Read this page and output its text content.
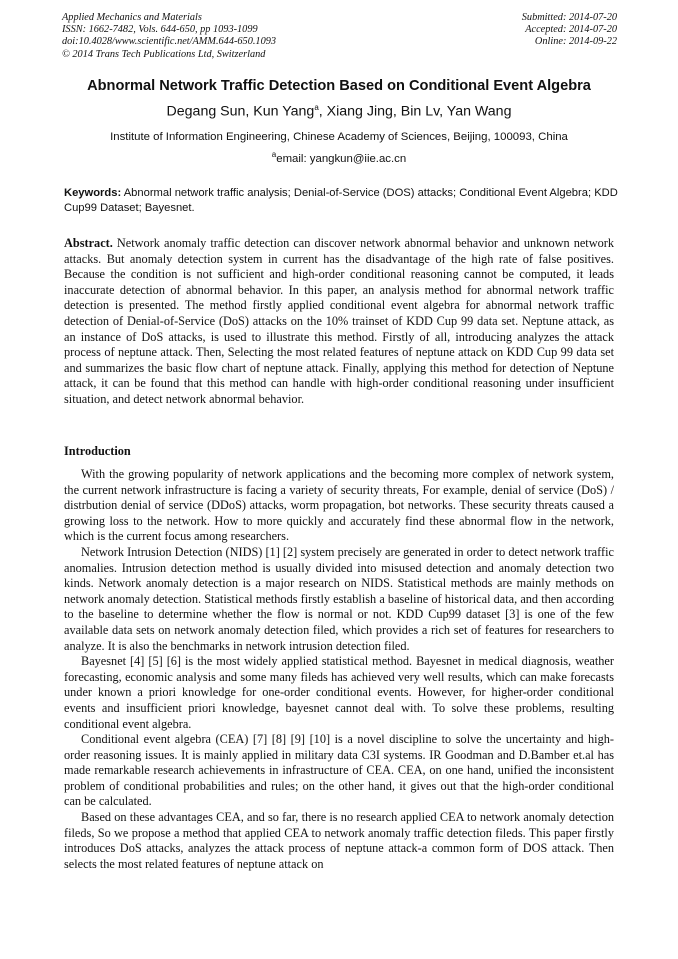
Applied Mechanics and Materials
ISSN: 1662-7482, Vols. 644-650, pp 1093-1099
doi:10.4028/www.scientific.net/AMM.644-650.1093
© 2014 Trans Tech Publications Ltd, Switzerland
Submitted: 2014-07-20
Accepted: 2014-07-20
Online: 2014-09-22
Abnormal Network Traffic Detection Based on Conditional Event Algebra
Degang Sun, Kun Yang$^a$, Xiang Jing, Bin Lv, Yan Wang
Institute of Information Engineering, Chinese Academy of Sciences, Beijing, 100093, China
$^a$email: yangkun@iie.ac.cn
Keywords: Abnormal network traffic analysis; Denial-of-Service (DOS) attacks; Conditional Event Algebra; KDD Cup99 Dataset; Bayesnet.

Abstract. Network anomaly traffic detection can discover network abnormal behavior and unknown network attacks. But anomaly detection system in current has the disadvantage of the high rate of false positives. Because the condition is not sufficient and high-order conditional reasoning cannot be computed, it leads inaccurate detection of abnormal behavior. In this paper, an analysis method for abnormal network traffic detection is presented. The method firstly applied conditional event algebra for abnormal network traffic detection of Denial-of-Service (DoS) attacks on the 10% trainset of KDD Cup 99 data set. Neptune attack, as an instance of DoS attacks, is used to illustrate this method. Firstly of all, introducing analyzes the attack process of neptune attack. Then, Selecting the most related features of neptune attack on KDD Cup 99 data set and summarizes the basic flow chart of neptune attack. Finally, applying this method for detection of Neptune attack, it can be found that this method can handle with high-order conditional reasoning under insufficient situation, and detect network abnormal behavior.

Introduction

With the growing popularity of network applications and the becoming more complex of network system, the current network infrastructure is facing a variety of security threats, For example, denial of service (DoS) / distrbution denial of service (DDoS) attacks, worm propagation, bot networks. These security threats caused a growing loss to the network. How to more quickly and accurately find these abnormal flow in the network, which is the current focus among researchers.

Network Intrusion Detection (NIDS) [1] [2] system precisely are generated in order to detect network traffic anomalies. Intrusion detection method is usually divided into misused detection and anomaly detection two kinds. Network anomaly detection is a major research on NIDS. Statistical methods are mainly methods on network anomaly detection. Statistical methods firstly establish a baseline of historical data, and then according to the baseline to determine whether the flow is normal or not. KDD Cup99 dataset [3] is one of the few available data sets on network anomaly detection filed, which provides a rich set of features for researchers to analyze. It is also the benchmarks in network intrusion detection filed.

Bayesnet [4] [5] [6] is the most widely applied statistical method. Bayesnet in medical diagnosis, weather forecasting, economic analysis and some many fileds has achieved very well results, which can make forecasts under known a priori knowledge for one-order conditional events. However, for higher-order conditional events and insufficient priori knowledge, bayesnet cannot deal with. To solve these problems, resulting conditional event algebra.

Conditional event algebra (CEA) [7] [8] [9] [10] is a novel discipline to solve the uncertainty and high-order reasoning issues. It is mainly applied in military data C3I systems. IR Goodman and D.Bamber et.al has made remarkable research achievements in infrastructure of CEA. CEA, on one hand, unified the inconsistent problem of conditional probabilities and rules; on the other hand, it gives out that the high-order conditional can be calculated.

Based on these advantages CEA, and so far, there is no research applied CEA to network anomaly detection fileds, So we propose a method that applied CEA to network anomaly traffic detection fileds. This paper firstly introduces DoS attacks, analyzes the attack process of neptune attack-a common form of DOS attack. Then selects the most related features of neptune attack on
